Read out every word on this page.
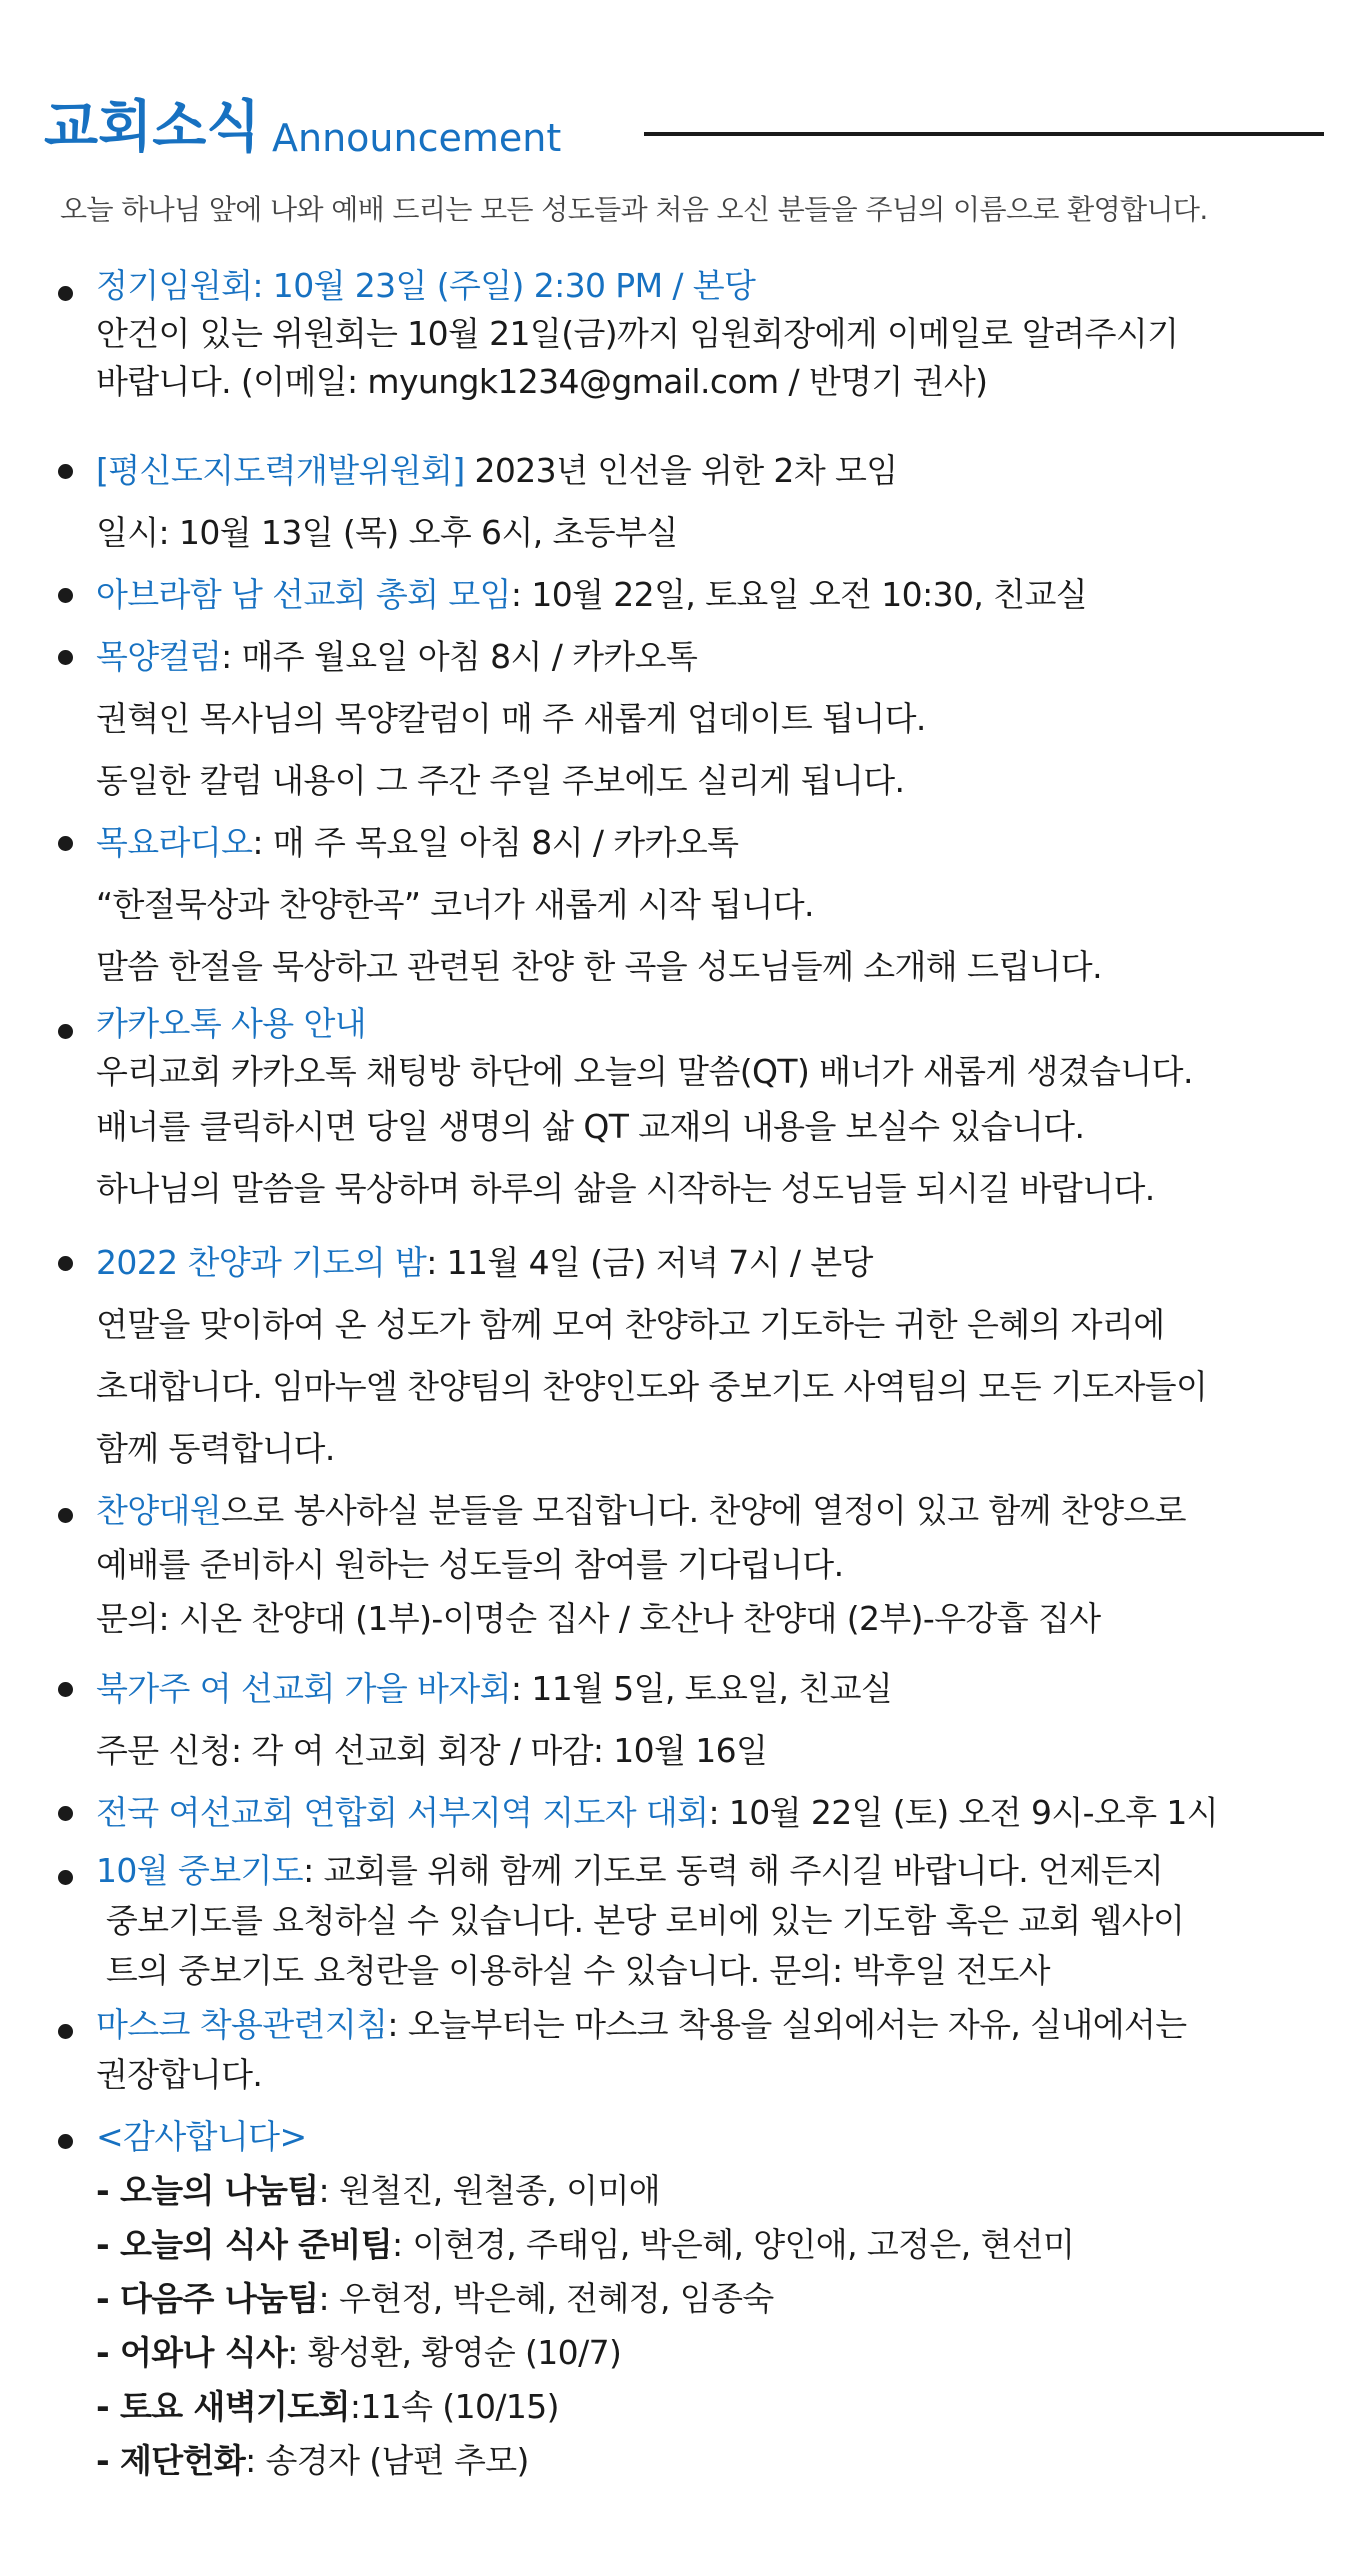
교회소식 Announcement
오늘 하나님 앞에 나와 예배 드리는 모든 성도들과 처음 오신 분들을 주님의 이름으로 환영합니다.
정기임원회: 10월 23일 (주일) 2:30 PM / 본당
안건이 있는 위원회는 10월 21일(금)까지 임원회장에게 이메일로 알려주시기
바랍니다. (이메일: myungk1234@gmail.com / 반명기 권사)
[평신도지도력개발위원회] 2023년 인선을 위한 2차 모임
일시: 10월 13일 (목) 오후 6시, 초등부실
아브라함 남 선교회 총회 모임: 10월 22일, 토요일 오전 10:30, 친교실
목양컬럼: 매주 월요일 아침 8시 / 카카오톡
권혁인 목사님의 목양칼럼이 매 주 새롭게 업데이트 됩니다.
동일한 칼럼 내용이 그 주간 주일 주보에도 실리게 됩니다.
목요라디오: 매 주 목요일 아침 8시 / 카카오톡
“한절묵상과 찬양한곡” 코너가 새롭게 시작 됩니다.
말씀 한절을 묵상하고 관련된 찬양 한 곡을 성도님들께 소개해 드립니다.
카카오톡 사용 안내
우리교회 카카오톡 채팅방 하단에 오늘의 말씀(QT) 배너가 새롭게 생겼습니다.
배너를 클릭하시면 당일 생명의 삶 QT 교재의 내용을 보실수 있습니다.
하나님의 말씀을 묵상하며 하루의 삶을 시작하는 성도님들 되시길 바랍니다.
2022 찬양과 기도의 밤: 11월 4일 (금) 저녁 7시 / 본당
연말을 맞이하여 온 성도가 함께 모여 찬양하고 기도하는 귀한 은혜의 자리에
초대합니다. 임마누엘 찬양팀의 찬양인도와 중보기도 사역팀의 모든 기도자들이
함께 동력합니다.
찬양대원으로 봉사하실 분들을 모집합니다. 찬양에 열정이 있고 함께 찬양으로
예배를 준비하시 원하는 성도들의 참여를 기다립니다.
문의: 시온 찬양대 (1부)-이명순 집사 / 호산나 찬양대 (2부)-우강흡 집사
북가주 여 선교회 가을 바자회: 11월 5일, 토요일, 친교실
주문 신청: 각 여 선교회 회장 / 마감: 10월 16일
전국 여선교회 연합회 서부지역 지도자 대회: 10월 22일 (토) 오전 9시-오후 1시
10월 중보기도: 교회를 위해 함께 기도로 동력 해 주시길 바랍니다. 언제든지
중보기도를 요청하실 수 있습니다. 본당 로비에 있는 기도함 혹은 교회 웹사이
트의 중보기도 요청란을 이용하실 수 있습니다. 문의: 박후일 전도사
마스크 착용관련지침: 오늘부터는 마스크 착용을 실외에서는 자유, 실내에서는
권장합니다.
<감사합니다>
- 오늘의 나눔팀: 원철진, 원철종, 이미애
- 오늘의 식사 준비팀: 이현경, 주태임, 박은혜, 양인애, 고정은, 현선미
- 다음주 나눔팀: 우현정, 박은혜, 전혜정, 임종숙
- 어와나 식사: 황성환, 황영순 (10/7)
- 토요 새벽기도회:11속 (10/15)
- 제단헌화: 송경자 (남편 추모)
